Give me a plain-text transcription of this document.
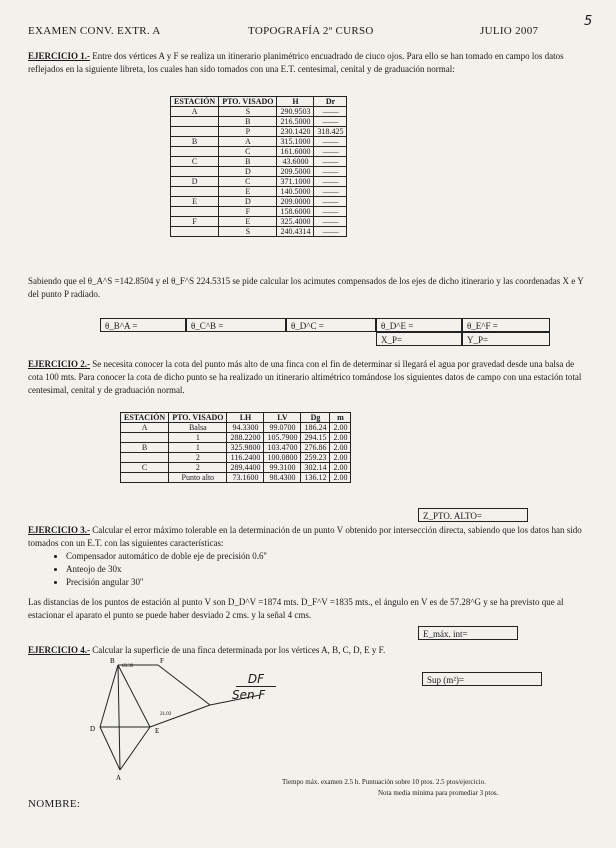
EXAMEN CONV. EXTR. A	TOPOGRAFÍA 2º CURSO	JULIO 2007
5
EJERCICIO 1.- Entre dos vértices A y F se realiza un itinerario planimétrico encuadrado de ciuco ojos. Para ello se han tomado en campo los datos reflejados en la siguiente libreta, los cuales han sido tomados con una E.T. centesimal, cenital y de graduación normal:
ESTACIÓN	PTO. VISADO	H	Dr
A	S	290.9503	——
	B	216.5000	——
	P	230.1420	318.425
B	A	315.1000	——
	C	161.6000	——
C	B	43.6000	——
	D	209.5000	——
D	C	371.1000	——
	E	140.5000	——
E	D	209.0000	——
	F	158.6000	——
F	E	325.4000	——
	S	240.4314	——
Sabiendo que el θ_A^S =142.8504 y el θ_F^S 224.5315 se pide calcular los acimutes compensados de los ejes de dicho itinerario y las coordenadas X e Y del punto P radiado.
θ_B^A =	θ_C^B =	θ_D^C =	θ_D^E =	θ_E^F =
X_P=	Y_P=
EJERCICIO 2.- Se necesita conocer la cota del punto más alto de una finca con el fin de determinar si llegará el agua por gravedad desde una balsa de cota 100 mts. Para conocer la cota de dicho punto se ha realizado un itinerario altimétrico tomándose los siguientes datos de campo con una estación total centesimal, cenital y de graduación normal.
ESTACIÓN	PTO. VISADO	LH	LV	Dg	m
A	Balsa	94.3300	99.0700	186.24	2.00
	1	288.2200	105.7900	294.15	2.00
B	1	325.9800	103.4700	276.86	2.00
	2	116.2400	100.0800	259.23	2.00
C	2	289.4400	99.3100	302.14	2.00
	Punto alto	73.1600	98.4300	136.12	2.00
Z_PTO. ALTO=
EJERCICIO 3.- Calcular el error máximo tolerable en la determinación de un punto V obtenido por intersección directa, sabiendo que los datos han sido tomados con un E.T. con las siguientes características:
• Compensador automático de doble eje de precisión 0.6''
• Anteojo de 30x
• Precisión angular 30''
Las distancias de los puntos de estación al punto V son D_D^V =1874 mts. D_F^V =1835 mts., el ángulo en V es de 57.28^G y se ha previsto que al estacionar el aparato el punto se puede haber desviado 2 cms. y la señal 4 cms.
E_máx. int=
EJERCICIO 4.- Calcular la superficie de una finca determinada por los vértices A, B, C, D, E y F.
D	E
F
B
A
69.39
21.03
DF
Sen F
Sup (m²)=
Tiempo máx. examen 2.5 h. Puntuación sobre 10 ptos. 2.5 ptos/ejercicio.
Nota media mínima para promediar 3 ptos.
NOMBRE:
